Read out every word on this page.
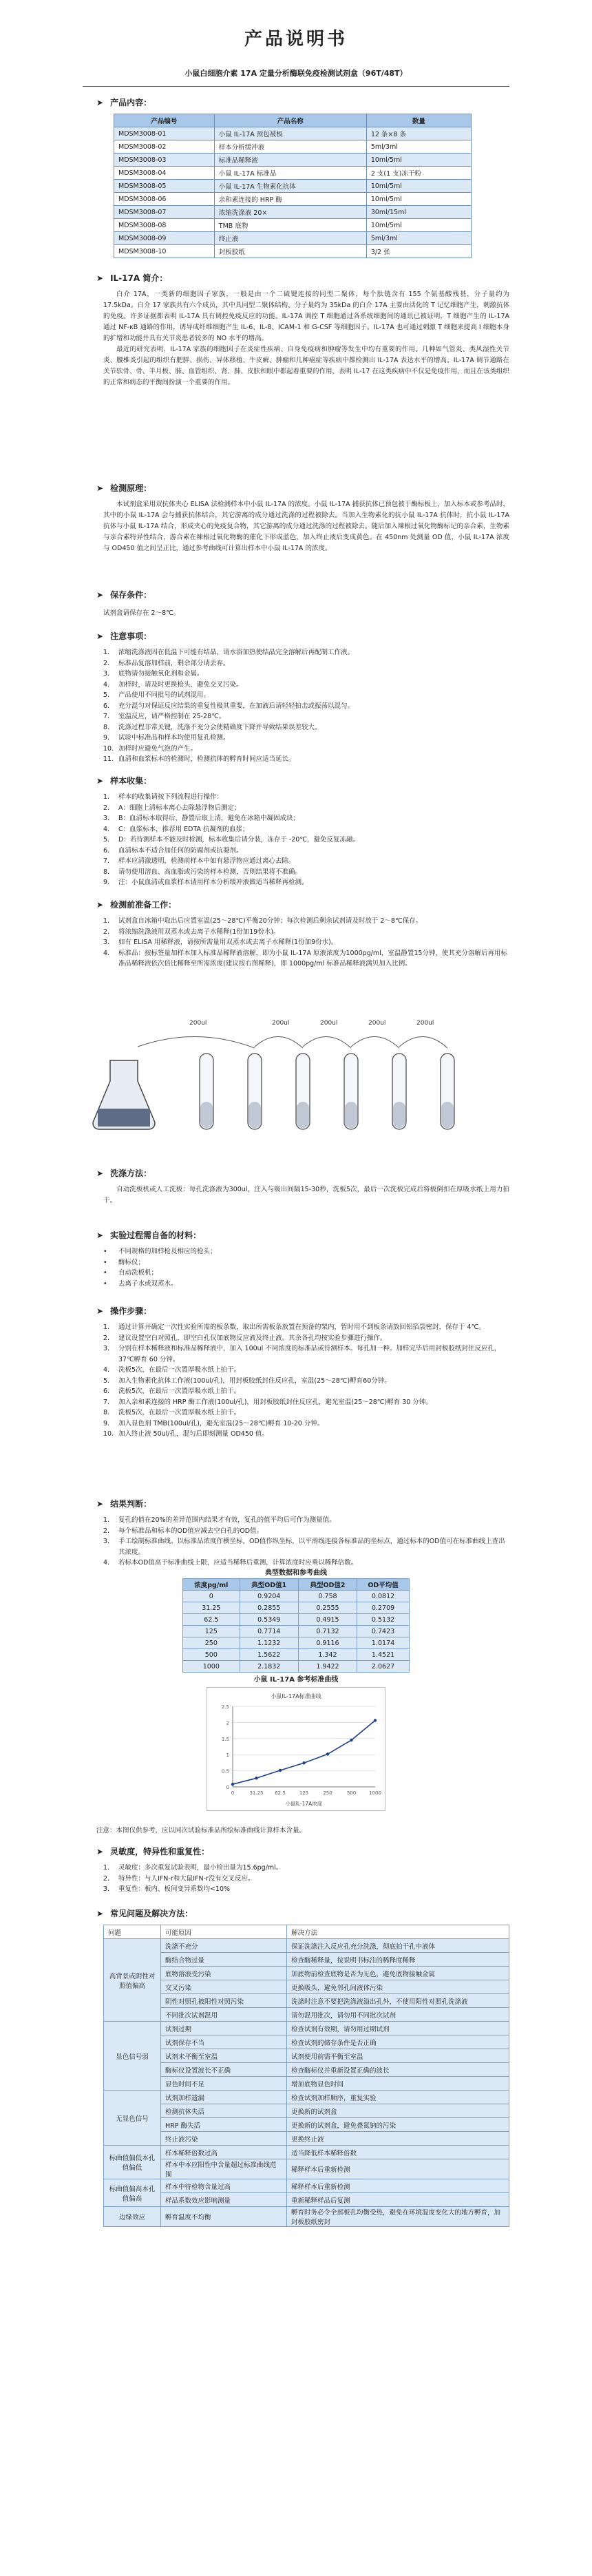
产品说明书
小鼠白细胞介素 17A 定量分析酶联免疫检测试剂盒（96T/48T）
➤ 产品内容：
产品编号	产品名称	数量
MDSM3008-01	小鼠 IL-17A 预包被板	12 条×8 条
MDSM3008-02	样本分析缓冲液	5ml/3ml
MDSM3008-03	标准品稀释液	10ml/5ml
MDSM3008-04	小鼠 IL-17A 标准品	2 支(1 支)冻干粉
MDSM3008-05	小鼠 IL-17A 生物素化抗体	10ml/5ml
MDSM3008-06	亲和素连接的 HRP 酶	10ml/5ml
MDSM3008-07	浓缩洗涤液 20×	30ml/15ml
MDSM3008-08	TMB 底物	10ml/5ml
MDSM3008-09	终止液	5ml/3ml
MDSM3008-10	封板胶纸	3/2 张
➤ IL-17A 简介：

白介 17A，一类新的细胞因子家族，一般是由一个二硫键连接的同型二聚体，每个肽链含有 155 个氨基酸残基，分子量约为 17.5kDa。白介 17 家族共有六个成员，其中具同型二聚体结构，分子量约为 35kDa 的白介 17A 主要由活化的 T 记忆细胞产生，刺激抗体的免疫。许多证据都表明 IL-17A 具有调控免疫反应的功能。IL-17A 调控 T 细胞通过各系统细胞间的通讯已被证明，T 细胞产生的 IL-17A 通过 NF-κB 通路的作用，诱导成纤维细胞产生 IL-6、IL-8、ICAM-1 和 G-CSF 等细胞因子。IL-17A 也可通过刺激 T 细胞来提高 I 细胞本身的扩增和功能并具有关节炎患者较多的 NO 水平的增高。

最近的研究表明，IL-17A 家族的细胞因子在炎症性疾病、自身免疫病和肿瘤等发生中均有重要的作用。几种如气管炎、类风湿性关节炎、腰椎炎引起的组织有肥胖、损伤、异体移植、牛皮癣、肿瘤和几种癌症等疾病中都检测出 IL-17A 表达水平的增高。IL-17A 调节通路在关节软骨、骨、半月板、肺、血管组织、肾、肺、皮肤和眼中都起着重要的作用，表明 IL-17 在这类疾病中不仅是免疫作用，而且在该类组织的正常和病态的平衡间扮演一个重要的作用。

➤ 检测原理：
本试剂盒采用双抗体夹心 ELISA 法检测样本中小鼠 IL-17A 的浓度。小鼠 IL-17A 捕获抗体已预包被于酶标板上，加入标本或参考品时，其中的小鼠 IL-17A 会与捕获抗体结合，其它游离的成分通过洗涤的过程被除去。当加入生物素化的抗小鼠 IL-17A 抗体时，抗小鼠 IL-17A 抗体与小鼠 IL-17A 结合，形成夹心的免疫复合物，其它游离的成分通过洗涤的过程被除去。随后加入辣根过氧化物酶标记的亲合素，生物素与亲合素特异性结合，游合素在辣根过氧化物酶的催化下形成蓝色，加入终止液后变成黄色。在 450nm 处测量 OD 值，小鼠 IL-17A 浓度与 OD450 值之间呈正比，通过参考曲线可计算出样本中小鼠 IL-17A 的浓度。
➤ 保存条件：
试剂盒请保存在 2～8℃。
➤ 注意事项：
1.	浓缩洗涤液因在低温下可能有结晶，请水浴加热使结晶完全溶解后再配制工作液。
2.	标准品复溶加样前，剩余部分请丢弃。
3.	底物请勿接触氧化剂和金属。
4.	加样时，请及时更换枪头，避免交叉污染。
5.	产品使用不同批号的试剂混用。
6.	充分混匀对保证反应结果的重复性极其重要，在加液后请轻轻拍击或振荡以混匀。
7.	室温反应，请严格控制在 25-28℃。
8.	洗涤过程非常关键，洗涤不充分会使精确度下降并导致结果误差较大。
9.	试验中标准品和样本均使用复孔检测。
10. 加样时应避免气泡的产生。
11. 血清和血浆标本的检测时，检测抗体的孵育时间应适当延长。
➤ 样本收集：
1.	样本的收集请按下列流程进行操作：
2.	A：细胞上清标本离心去除悬浮物后测定；
3.	B：血清标本取得后，静置后取上清，避免在冰箱中凝固成块；
4.	C：血浆标本，推荐用 EDTA 抗凝剂的血浆；
5.	D：若待测样本不能及时检测，标本收集后请分装，冻存于 -20℃，避免反复冻融。
6.	血清标本不适合加任何的防腐剂或抗凝剂。
7.	样本应清澈透明，检测前样本中如有悬浮物应通过离心去除。
8.	请勿使用溶血、高血脂或污染的样本检测，否则结果将不准确。
9.	注：小鼠血清或血浆样本请用样本分析缓冲液做适当稀释再检测。
➤ 检测前准备工作：
1.	试剂盒自冰箱中取出后应置室温(25～28℃)平衡20分钟；每次检测后剩余试剂请及时放于 2～8℃保存。
2.	将浓缩洗涤液用双蒸水或去离子水稀释(1份加19份水)。
3.	如有 ELISA 用稀释液，请按所需量用双蒸水或去离子水稀释(1份加9份水)。
4.	标准品：按标签量加样本加入标准品稀释液溶解，即为小鼠 IL-17A 原液浓度为1000pg/ml，室温静置15分钟，使其充分溶解后再用标准品稀释液依次倍比稀释至所需浓度(建议按右图稀释)，即 1000pg/ml 标准品稀释液满贝加入比例。
200ul	200ul	200ul	200ul	200ul
➤ 洗涤方法：
自动洗板机或人工洗板：每孔洗涤液为300ul，注入与吸出间隔15-30秒，洗板5次，最后一次洗板完成后将板倒扣在厚吸水纸上用力拍干。
➤ 实验过程需自备的材料：
•	不同规格的加样枪及相应的枪头；
•	酶标仪；
•	自动洗板机；
•	去离子水或双蒸水。
➤ 操作步骤：
1.	通过计算并确定一次性实验所需的板条数，取出所需板条放置在预备的架内，暂时用不到板条请放回铝箔袋密封，保存于 4℃。
2.	建议设置空白对照孔，即空白孔仅加底物反应液及终止液。其余各孔均按实验步骤进行操作。
3.	分别在样本稀释液和标准品稀释液中，加入 100ul 不同浓度的标准品或待测样本。每孔加一种。加样完毕后用封板胶纸封住反应孔，37℃孵育 60 分钟。
4.	洗板5次，在最后一次置厚吸水纸上拍干。
5.	加入生物素化抗体工作液(100ul/孔)，用封板胶纸封住反应孔，室温(25～28℃)孵育60分钟。
6.	洗板5次，在最后一次置厚吸水纸上拍干。
7.	加入亲和素连接的 HRP 酶工作液(100ul/孔)，用封板胶纸封住反应孔，避光室温(25～28℃)孵育 30 分钟。
8.	洗板5次，在最后一次置厚吸水纸上拍干。
9.	加入显色剂 TMB(100ul/孔)，避光室温(25～28℃)孵育 10-20 分钟。
10. 加入终止液 50ul/孔，混匀后即刻测量 OD450 值。
➤ 结果判断：
1.	复孔的值在20%的差异范围内结果才有效，复孔的值平均后可作为测量值。
2.	每个标准品和标本的OD值应减去空白孔的OD值。
3.	手工绘制标准曲线。以标准品浓度作横坐标，OD值作纵坐标，以平滑线连接各标准品的坐标点，通过标本的OD值可在标准曲线上查出其浓度。
4.	若标本OD值高于标准曲线上限，应适当稀释后重测，计算浓度时应乘以稀释倍数。
典型数据和参考曲线
浓度pg/ml	典型OD值1	典型OD值2	OD平均值
0	0.9204	0.758	0.0812
31.25	0.2855	0.2555	0.2709
62.5	0.5349	0.4915	0.5132
125	0.7714	0.7132	0.7423
250	1.1232	0.9116	1.0174
500	1.5622	1.342	1.4521
1000	2.1832	1.9422	2.0627
小鼠 IL-17A 参考标准曲线
小鼠IL-17A标准曲线
0
0.5
1
1.5
2
2.5
0	31.25 62.5	125	250	500	1000
小鼠IL-17A浓度
注意：本图仅供参考，应以同次试验标准品所绘标准曲线计算样本含量。
➤ 灵敏度，特异性和重复性：
1.	灵敏度：多次重复试验表明，最小检出量为15.6pg/ml。
2.	特异性：与人IFN-r和大鼠IFN-r没有交叉反应。
3.	重复性：板内、板间变异系数均<10%
➤ 常见问题及解决方法：
问题	可能原因	解决方法
高背景或阴性对照值偏高	洗涤不充分	保证洗涤注入反应孔充分洗涤，彻底拍干孔中液体
	酶结合物过量	检查酶稀释量，按说明书标注的稀释度稀释
	底物溶液受污染	加底物前检查底物是否为无色，避免底物接触金属
	交叉污染	更换吸头，避免邻孔间液体污染
	阴性对照孔被阳性对照污染	洗涤时注意不要把洗涤液溢出孔外，不使用阳性对照孔洗涤液
	不同批次试剂混用	请勿混用批次，请勿用不同批次试剂
显色信号弱	试剂过期	检查试剂有效期，请勿用过期试剂
	试剂保存不当	检查试剂的储存条件是否正确
	试剂未平衡至室温	试剂使用前需平衡至室温
	酶标仪设置波长不正确	检查酶标仪并重新设置正确的波长
	显色时间不足	增加底物显色时间
无显色信号	试剂加样遗漏	检查试剂加样顺序，重复实验
	检测抗体失活	更换新的试剂盒
	HRP 酶失活	更换新的试剂盒，避免叠氮钠的污染
	终止液污染	更换终止液
标曲值偏低本孔值偏低	样本稀释倍数过高	适当降低样本稀释倍数
	样本中本应阳性中含量超过标准曲线范围	稀释样本后重新检测
标曲值偏高本孔值偏高	样本中待检物含量过高	稀释样本后重新检测
	样品系数效应影响测量	重新稀释样品后复测
边缘效应	孵育温度不均衡	孵育时务必令全部板孔均衡受热，避免在环境温度变化大的地方孵育，加封板胶纸密封
